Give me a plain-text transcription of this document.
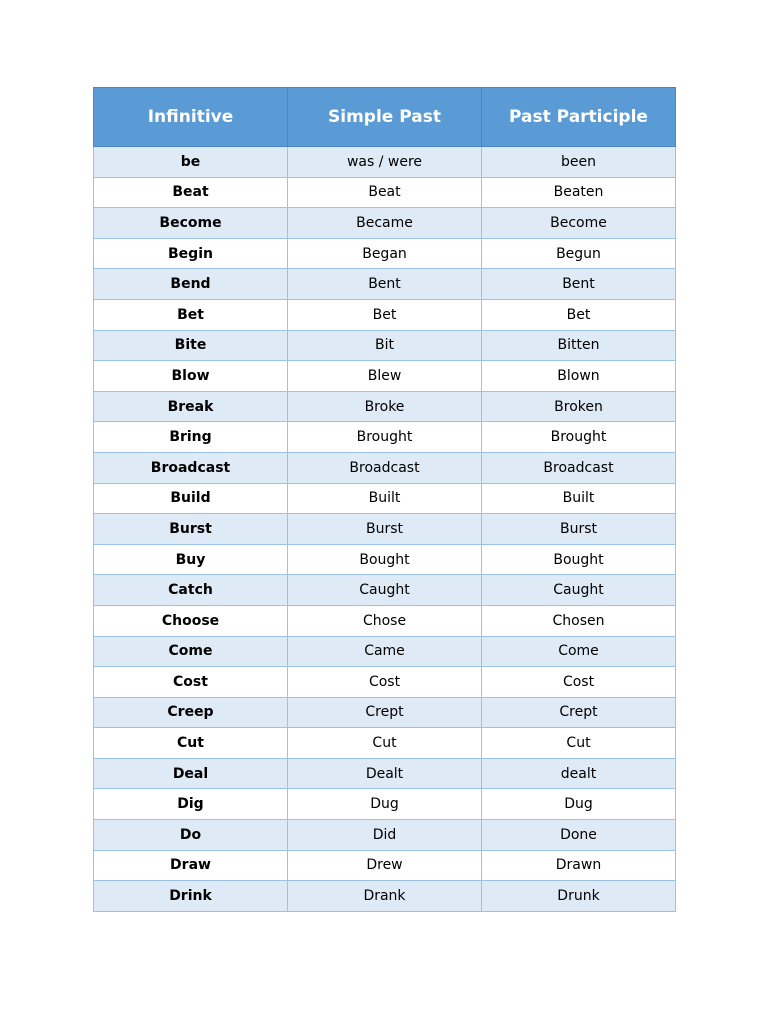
Infinitive	Simple Past	Past Participle
be	was / were	been
Beat	Beat	Beaten
Become	Became	Become
Begin	Began	Begun
Bend	Bent	Bent
Bet	Bet	Bet
Bite	Bit	Bitten
Blow	Blew	Blown
Break	Broke	Broken
Bring	Brought	Brought
Broadcast	Broadcast	Broadcast
Build	Built	Built
Burst	Burst	Burst
Buy	Bought	Bought
Catch	Caught	Caught
Choose	Chose	Chosen
Come	Came	Come
Cost	Cost	Cost
Creep	Crept	Crept
Cut	Cut	Cut
Deal	Dealt	dealt
Dig	Dug	Dug
Do	Did	Done
Draw	Drew	Drawn
Drink	Drank	Drunk
